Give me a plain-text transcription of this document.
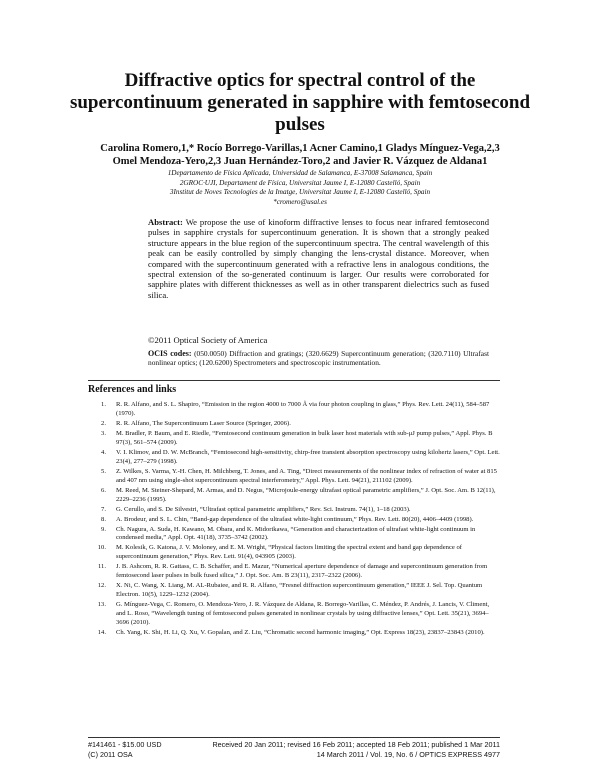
Diffractive optics for spectral control of the supercontinuum generated in sapphire with femtosecond pulses
Carolina Romero,1,* Rocío Borrego-Varillas,1 Acner Camino,1 Gladys Mínguez-Vega,2,3
Omel Mendoza-Yero,2,3 Juan Hernández-Toro,2 and Javier R. Vázquez de Aldana1
1Departamento de Física Aplicada, Universidad de Salamanca, E-37008 Salamanca, Spain
2GROC·UJI, Departament de Física, Universitat Jaume I, E-12080 Castelló, Spain
3Institut de Noves Tecnologies de la Imatge, Universitat Jaume I, E-12080 Castelló, Spain
*cromero@usal.es
Abstract: We propose the use of kinoform diffractive lenses to focus near infrared femtosecond pulses in sapphire crystals for supercontinuum generation. It is shown that a strongly peaked structure appears in the blue region of the supercontinuum spectra. The central wavelength of this peak can be easily controlled by simply changing the lens-crystal distance. Moreover, when compared with the supercontinuum generated with a refractive lens in analogous conditions, the spectral extension of the so-generated continuum is larger. Our results were corroborated for sapphire plates with different thicknesses as well as in other transparent dielectrics such as fused silica.
©2011 Optical Society of America
OCIS codes: (050.0050) Diffraction and gratings; (320.6629) Supercontinuum generation; (320.7110) Ultrafast nonlinear optics; (120.6200) Spectrometers and spectroscopic instrumentation.
References and links
1. R. R. Alfano, and S. L. Shapiro, “Emission in the region 4000 to 7000 Å via four photon coupling in glass,” Phys. Rev. Lett. 24(11), 584–587 (1970).
2. R. R. Alfano, The Supercontinuum Laser Source (Springer, 2006).
3. M. Bradler, P. Baum, and E. Riedle, “Femtosecond continuum generation in bulk laser host materials with sub-μJ pump pulses,” Appl. Phys. B 97(3), 561–574 (2009).
4. V. I. Klimov, and D. W. McBranch, “Femtosecond high-sensitivity, chirp-free transient absorption spectroscopy using kilohertz lasers,” Opt. Lett. 23(4), 277–279 (1998).
5. Z. Wilkes, S. Varma, Y.-H. Chen, H. Milchberg, T. Jones, and A. Ting, “Direct measurements of the nonlinear index of refraction of water at 815 and 407 nm using single-shot supercontinuum spectral interferometry,” Appl. Phys. Lett. 94(21), 211102 (2009).
6. M. Reed, M. Steiner-Shepard, M. Armas, and D. Negus, “Microjoule-energy ultrafast optical parametric amplifiers,” J. Opt. Soc. Am. B 12(11), 2229–2236 (1995).
7. G. Cerullo, and S. De Silvestri, “Ultrafast optical parametric amplifiers,” Rev. Sci. Instrum. 74(1), 1–18 (2003).
8. A. Brodeur, and S. L. Chin, “Band-gap dependence of the ultrafast white-light continuum,” Phys. Rev. Lett. 80(20), 4406–4409 (1998).
9. Ch. Nagura, A. Suda, H. Kawano, M. Obara, and K. Midorikawa, “Generation and characterization of ultrafast white-light continuum in condensed media,” Appl. Opt. 41(18), 3735–3742 (2002).
10. M. Kolesik, G. Katona, J. V. Moloney, and E. M. Wright, “Physical factors limiting the spectral extent and band gap dependence of supercontinuum generation,” Phys. Rev. Lett. 91(4), 043905 (2003).
11. J. B. Ashcom, R. R. Gattass, C. B. Schaffer, and E. Mazur, “Numerical aperture dependence of damage and supercontinuum generation from femtosecond laser pulses in bulk fused silica,” J. Opt. Soc. Am. B 23(11), 2317–2322 (2006).
12. X. Ni, C. Wang, X. Liang, M. AL-Rubaiee, and R. R. Alfano, “Fresnel diffraction supercontinuum generation,” IEEE J. Sel. Top. Quantum Electron. 10(5), 1229–1232 (2004).
13. G. Mínguez-Vega, C. Romero, O. Mendoza-Yero, J. R. Vázquez de Aldana, R. Borrego-Varillas, C. Méndez, P. Andrés, J. Lancis, V. Climent, and L. Roso, “Wavelength tuning of femtosecond pulses generated in nonlinear crystals by using diffractive lenses,” Opt. Lett. 35(21), 3694–3696 (2010).
14. Ch. Yang, K. Shi, H. Li, Q. Xu, V. Gopalan, and Z. Liu, “Chromatic second harmonic imaging,” Opt. Express 18(23), 23837–23843 (2010).
#141461 - $15.00 USD	Received 20 Jan 2011; revised 16 Feb 2011; accepted 18 Feb 2011; published 1 Mar 2011
(C) 2011 OSA	14 March 2011 / Vol. 19, No. 6 / OPTICS EXPRESS 4977
